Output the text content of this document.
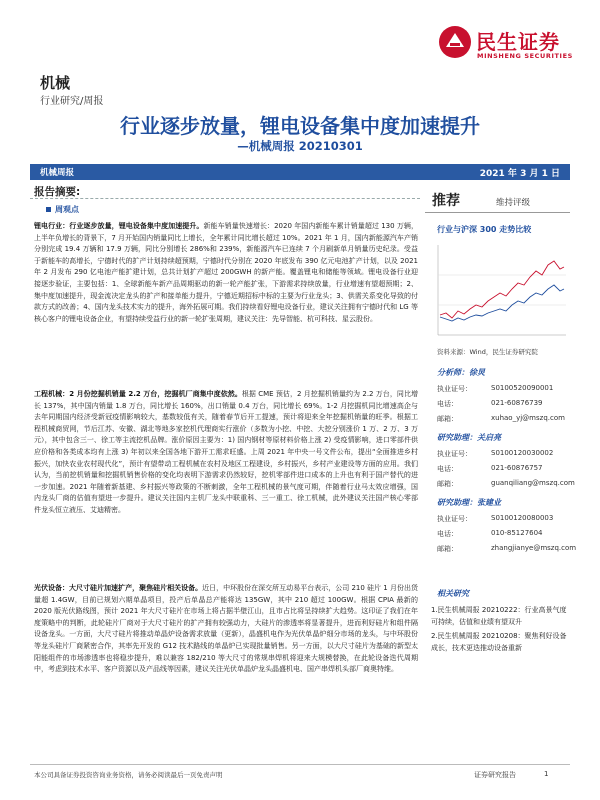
民生证券
MINSHENG SECURITIES
机械
行业研究/周报
行业逐步放量，锂电设备集中度加速提升
—机械周报 20210301
机械周报	2021 年 3 月 1 日
报告摘要:
周观点
锂电行业：行业逐步放量，锂电设备集中度加速提升。新能车销量快速增长：2020 年国内新能车累计销量超过 130 万辆，上半年负增长的背景下，7 月开始国内销量同比上增长，全年累计同比增长超过 10%。2021 年 1 月，国内新能源汽车产销分别完成 19.4 万辆和 17.9 万辆，同比分别增长 286%和 239%，新能源汽车已连续 7 个月刷新单月销量历史纪录。受益于新能车的高增长，宁德时代的扩产计划持续超预期，宁德时代分别在 2020 年底发布 390 亿元电池扩产计划，以及 2021 年 2 月发布 290 亿电池产能扩建计划，总共计划扩产超过 200GWH 的新产能。覆盖锂电和储能等领域。锂电设备行业迎接逐步验证，主要包括：1、全球新能车新产品周期驱动的新一轮产能扩张，下游需求持续放量，行业增速有望超预期；2、集中度加速提升，现金流决定龙头的扩产和接单能力提升，宁德近期招标中标的主要为行业龙头；3、供需关系变化导致的付款方式的改善；4、国内龙头技术实力的提升，海外拓展可期。我们持续看好锂电设备行业，建议关注拥有宁德时代和 LG 等核心客户的锂电设备企业，有望持续受益行业的新一轮扩张周期，建议关注：先导智能、杭可科技、星云股份。
工程机械：2 月份挖掘机销量 2.2 万台，挖掘机厂商集中度依然。根据 CME 预估，2 月挖掘机销量约为 2.2 万台，同比增长 137%，其中国内销量 1.8 万台，同比增长 160%，出口销量 0.4 万台，同比增长 69%。1-2 月挖掘机同比增速高企与去年同期国内经济受新冠疫情影响较大，基数较低有关，随着春节后开工提速，预计将迎来全年挖掘机销量的旺季。根据工程机械商贸网，节后江苏、安徽、湖北等地多家挖机代理商实行涨价（多数为小挖、中挖、大挖分别涨价 1 万、2 万、3 万元），其中包含三一、徐工等主流挖机品牌。涨价原因主要为：1) 国内钢材等原材料价格上涨 2) 受疫情影响，进口零部件供应价格和各类成本均有上涨 3) 年初以来全国各地下游开工需求旺盛。上周 2021 年中央一号文件公布，提出“全面推进乡村振兴，加快农业农村现代化”，预计有望带动工程机械在农村及地区工程建设，乡村振兴，乡村产业建设等方面的应用。我们认为，当前挖机销量和挖掘机销售价格的变化均表明下游需求仍然较好，挖机零部件进口成本的上升也有利于国产替代的进一步加速。2021 年随着新基建、乡村振兴等政策的不断刺激，全年工程机械的景气度可期，伴随着行业马太效应增强，国内龙头厂商的估值有望进一步提升。建议关注国内主机厂龙头中联重科、三一重工、徐工机械，此外建议关注国产核心零部件龙头恒立液压、艾迪精密。
光伏设备：大尺寸硅片加速扩产，聚焦硅片相关设备。近日，中环股份在深交所互动易平台表示，公司 210 硅片 1 月份出货量超 1.4GW，目前已规划六期单晶项目，投产后单晶总产能将达 135GW，其中 210 超过 100GW。根据 CPIA 最新的 2020 版光伏路线图，预计 2021 年大尺寸硅片在市场上将占据半壁江山，且市占比将呈持续扩大趋势。这印证了我们在年度策略中的判断，此轮硅片厂商对于大尺寸硅片的扩产拥有较强动力，大硅片的渗透率将显著提升，进而利好硅片和组件隔设备龙头。一方面，大尺寸硅片将推动单晶炉设备需求放量（更新），晶盛机电作为光伏单晶炉细分市场的龙头，与中环股份等龙头硅片厂商紧密合作，其率先开发的 G12 技术路线的单晶炉已实现批量销售。另一方面，以大尺寸硅片为基础的新型太阳能组件的市场渗透率也将稳步提升，难以兼容 182/210 等大尺寸的常规串焊机将迎来大规模替换，在此轮设备迭代周期中，考虑到技术水平、客户资源以及产品线等因素，建议关注光伏单晶炉龙头晶盛机电、国产串焊机头部厂商奥特维。
推荐	维持评级
行业与沪深 300 走势比较
资料来源：Wind，民生证券研究院
分析师：徐炅
执业证号：	S0100520090001
电话：	021-60876739
邮箱：	xuhao_yj@mszq.com
研究助理：关启亮
执业证号：	S0100120030002
电话：	021-60876757
邮箱：	guanqiliang@mszq.com
研究助理：张建业
执业证号：	S0100120080003
电话：	010-85127604
邮箱：	zhangjianye@mszq.com
相关研究
1.民生机械周报 20210222：行业高景气度可持续，估值和业绩有望双升
2.民生机械周报 20210208：聚焦利好设备成长，技术更迭推动设备重新
本公司具备证券投资咨询业务资格，请务必阅读最后一页免责声明	证券研究报告	1
